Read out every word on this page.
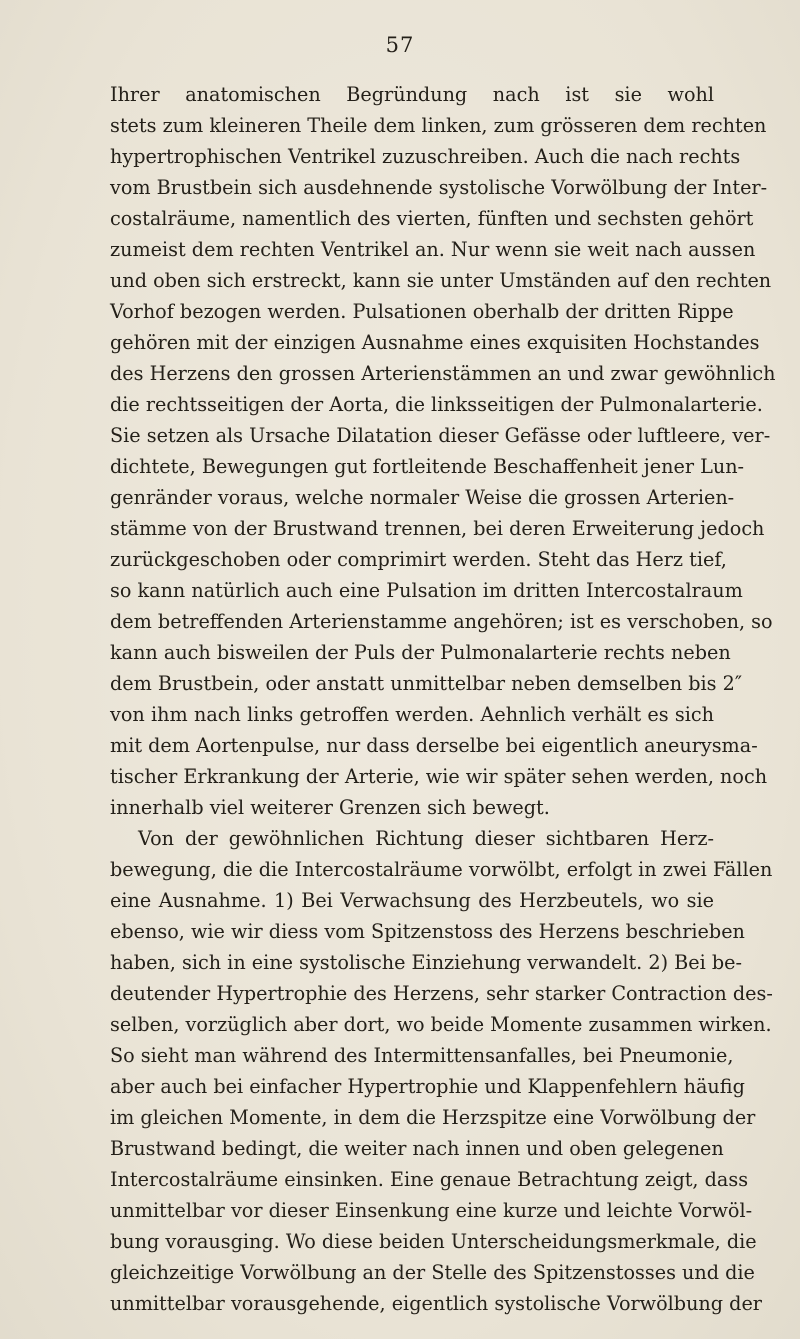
57
Ihrer anatomischen Begründung nach ist sie wohl
stets zum kleineren Theile dem linken, zum grösseren dem rechten
hypertrophischen Ventrikel zuzuschreiben. Auch die nach rechts
vom Brustbein sich ausdehnende systolische Vorwölbung der Inter-
costalräume, namentlich des vierten, fünften und sechsten gehört
zumeist dem rechten Ventrikel an. Nur wenn sie weit nach aussen
und oben sich erstreckt, kann sie unter Umständen auf den rechten
Vorhof bezogen werden. Pulsationen oberhalb der dritten Rippe
gehören mit der einzigen Ausnahme eines exquisiten Hochstandes
des Herzens den grossen Arterienstämmen an und zwar gewöhnlich
die rechtsseitigen der Aorta, die linksseitigen der Pulmonalarterie.
Sie setzen als Ursache Dilatation dieser Gefässe oder luftleere, ver-
dichtete, Bewegungen gut fortleitende Beschaffenheit jener Lun-
genränder voraus, welche normaler Weise die grossen Arterien-
stämme von der Brustwand trennen, bei deren Erweiterung jedoch
zurückgeschoben oder comprimirt werden. Steht das Herz tief,
so kann natürlich auch eine Pulsation im dritten Intercostalraum
dem betreffenden Arterienstamme angehören; ist es verschoben, so
kann auch bisweilen der Puls der Pulmonalarterie rechts neben
dem Brustbein, oder anstatt unmittelbar neben demselben bis 2″
von ihm nach links getroffen werden. Aehnlich verhält es sich
mit dem Aortenpulse, nur dass derselbe bei eigentlich aneurysma-
tischer Erkrankung der Arterie, wie wir später sehen werden, noch
innerhalb viel weiterer Grenzen sich bewegt.
Von der gewöhnlichen Richtung dieser sichtbaren Herz-
bewegung, die die Intercostalräume vorwölbt, erfolgt in zwei Fällen
eine Ausnahme. 1) Bei Verwachsung des Herzbeutels, wo sie
ebenso, wie wir diess vom Spitzenstoss des Herzens beschrieben
haben, sich in eine systolische Einziehung verwandelt. 2) Bei be-
deutender Hypertrophie des Herzens, sehr starker Contraction des-
selben, vorzüglich aber dort, wo beide Momente zusammen wirken.
So sieht man während des Intermittensanfalles, bei Pneumonie,
aber auch bei einfacher Hypertrophie und Klappenfehlern häufig
im gleichen Momente, in dem die Herzspitze eine Vorwölbung der
Brustwand bedingt, die weiter nach innen und oben gelegenen
Intercostalräume einsinken. Eine genaue Betrachtung zeigt, dass
unmittelbar vor dieser Einsenkung eine kurze und leichte Vorwöl-
bung vorausging. Wo diese beiden Unterscheidungsmerkmale, die
gleichzeitige Vorwölbung an der Stelle des Spitzenstosses und die
unmittelbar vorausgehende, eigentlich systolische Vorwölbung der
